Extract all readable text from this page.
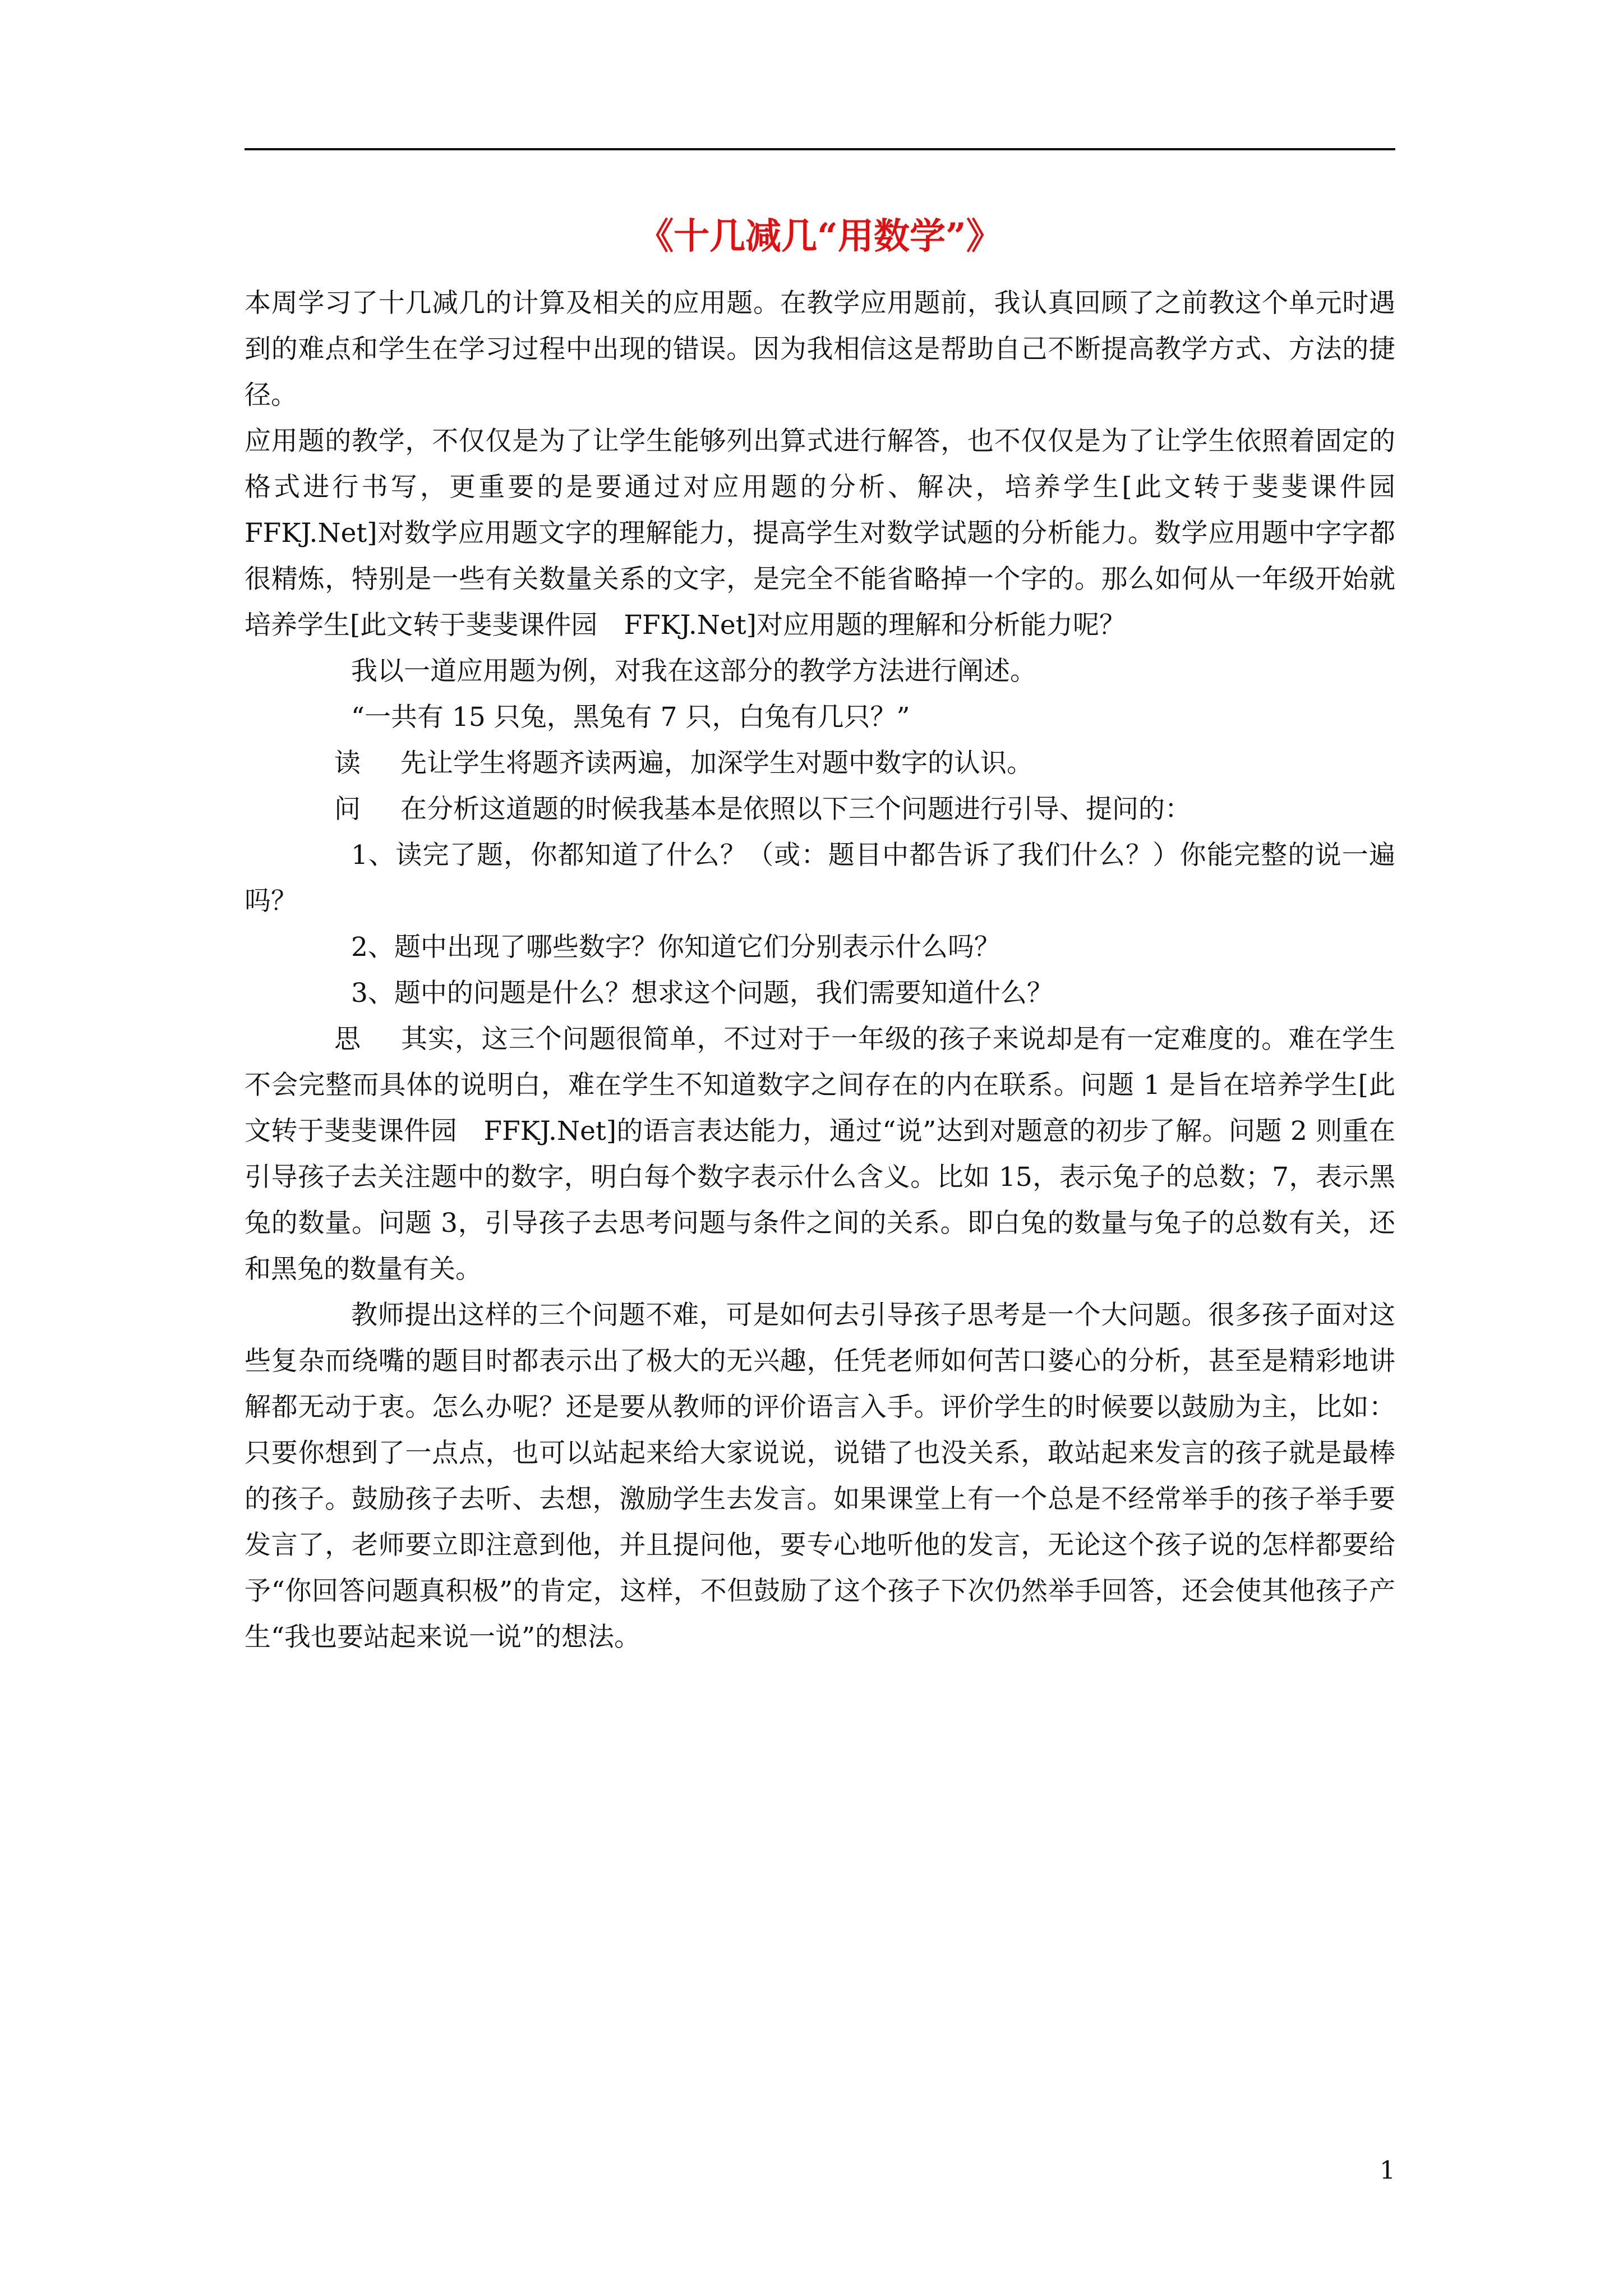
《十几减几“用数学”》

本周学习了十几减几的计算及相关的应用题。在教学应用题前，我认真回顾了之前教这个单元时遇到的难点和学生在学习过程中出现的错误。因为我相信这是帮助自己不断提高教学方式、方法的捷径。

应用题的教学，不仅仅是为了让学生能够列出算式进行解答，也不仅仅是为了让学生依照着固定的格式进行书写，更重要的是要通过对应用题的分析、解决，培养学生[此文转于斐斐课件园　FFKJ.Net]对数学应用题文字的理解能力，提高学生对数学试题的分析能力。数学应用题中字字都很精炼，特别是一些有关数量关系的文字，是完全不能省略掉一个字的。那么如何从一年级开始就培养学生[此文转于斐斐课件园　FFKJ.Net]对应用题的理解和分析能力呢？

我以一道应用题为例，对我在这部分的教学方法进行阐述。

“一共有 15 只兔，黑兔有 7 只，白兔有几只？”

读 先让学生将题齐读两遍，加深学生对题中数字的认识。

问 在分析这道题的时候我基本是依照以下三个问题进行引导、提问的：

1、读完了题，你都知道了什么？（或：题目中都告诉了我们什么？）你能完整的说一遍吗？

2、题中出现了哪些数字？你知道它们分别表示什么吗？

3、题中的问题是什么？想求这个问题，我们需要知道什么？

思 其实，这三个问题很简单，不过对于一年级的孩子来说却是有一定难度的。难在学生不会完整而具体的说明白，难在学生不知道数字之间存在的内在联系。问题 1 是旨在培养学生[此文转于斐斐课件园　FFKJ.Net]的语言表达能力，通过“说”达到对题意的初步了解。问题 2 则重在引导孩子去关注题中的数字，明白每个数字表示什么含义。比如 15，表示兔子的总数；7，表示黑兔的数量。问题 3，引导孩子去思考问题与条件之间的关系。即白兔的数量与兔子的总数有关，还和黑兔的数量有关。

教师提出这样的三个问题不难，可是如何去引导孩子思考是一个大问题。很多孩子面对这些复杂而绕嘴的题目时都表示出了极大的无兴趣，任凭老师如何苦口婆心的分析，甚至是精彩地讲解都无动于衷。怎么办呢？还是要从教师的评价语言入手。评价学生的时候要以鼓励为主，比如：只要你想到了一点点，也可以站起来给大家说说，说错了也没关系，敢站起来发言的孩子就是最棒的孩子。鼓励孩子去听、去想，激励学生去发言。如果课堂上有一个总是不经常举手的孩子举手要发言了，老师要立即注意到他，并且提问他，要专心地听他的发言，无论这个孩子说的怎样都要给予“你回答问题真积极”的肯定，这样，不但鼓励了这个孩子下次仍然举手回答，还会使其他孩子产生“我也要站起来说一说”的想法。

1
